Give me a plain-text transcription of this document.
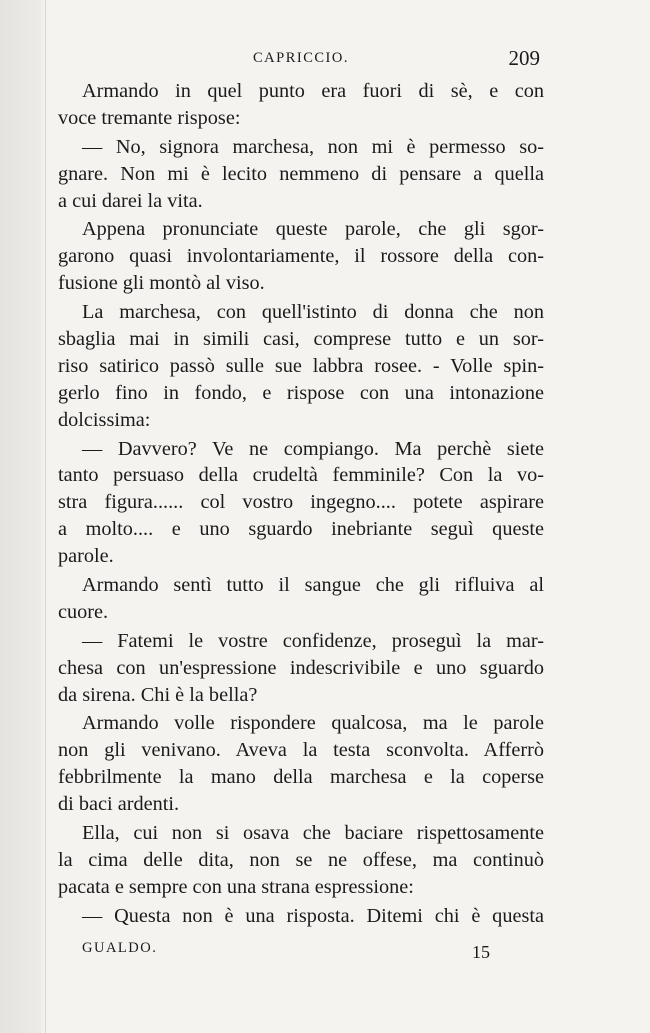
CAPRICCIO.	209

Armando in quel punto era fuori di sè, e con
voce tremante rispose:

— No, signora marchesa, non mi è permesso so-
gnare. Non mi è lecito nemmeno di pensare a quella
a cui darei la vita.

Appena pronunciate queste parole, che gli sgor-
garono quasi involontariamente, il rossore della con-
fusione gli montò al viso.

La marchesa, con quell'istinto di donna che non
sbaglia mai in simili casi, comprese tutto e un sor-
riso satirico passò sulle sue labbra rosee. - Volle spin-
gerlo fino in fondo, e rispose con una intonazione
dolcissima:

— Davvero? Ve ne compiango. Ma perchè siete
tanto persuaso della crudeltà femminile? Con la vo-
stra figura...... col vostro ingegno.... potete aspirare
a molto.... e uno sguardo inebriante seguì queste
parole.

Armando sentì tutto il sangue che gli rifluiva al
cuore.

— Fatemi le vostre confidenze, proseguì la mar-
chesa con un'espressione indescrivibile e uno sguardo
da sirena. Chi è la bella?

Armando volle rispondere qualcosa, ma le parole
non gli venivano. Aveva la testa sconvolta. Afferrò
febbrilmente la mano della marchesa e la coperse
di baci ardenti.

Ella, cui non si osava che baciare rispettosamente
la cima delle dita, non se ne offese, ma continuò
pacata e sempre con una strana espressione:

— Questa non è una risposta. Ditemi chi è questa

GUALDO.	15
